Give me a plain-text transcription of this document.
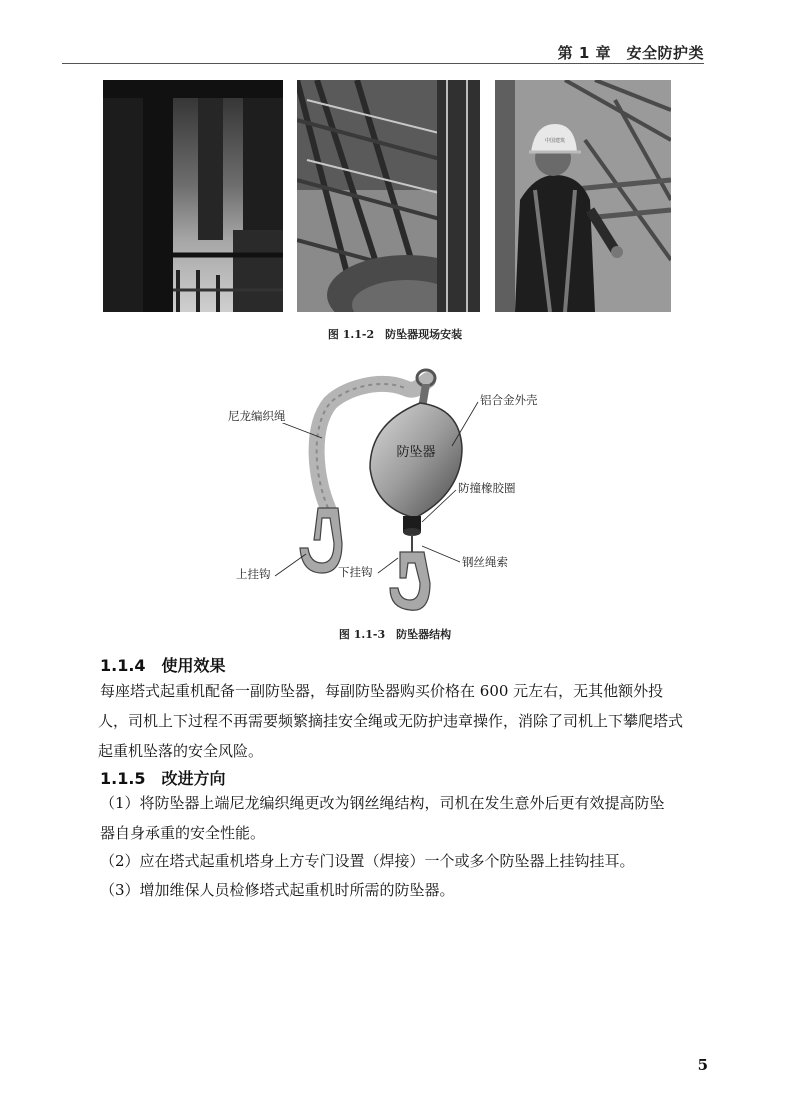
第 1 章　安全防护类
中国建筑
图 1.1-2　防坠器现场安装
防坠器
尼龙编织绳
铝合金外壳
防撞橡胶圈
钢丝绳索
上挂钩	下挂钩
图 1.1-3　防坠器结构
1.1.4　使用效果
每座塔式起重机配备一副防坠器，每副防坠器购买价格在 600 元左右，无其他额外投
人，司机上下过程不再需要频繁摘挂安全绳或无防护违章操作，消除了司机上下攀爬塔式
起重机坠落的安全风险。
1.1.5　改进方向
（1）将防坠器上端尼龙编织绳更改为钢丝绳结构，司机在发生意外后更有效提高防坠
器自身承重的安全性能。
（2）应在塔式起重机塔身上方专门设置（焊接）一个或多个防坠器上挂钩挂耳。
（3）增加维保人员检修塔式起重机时所需的防坠器。
5
